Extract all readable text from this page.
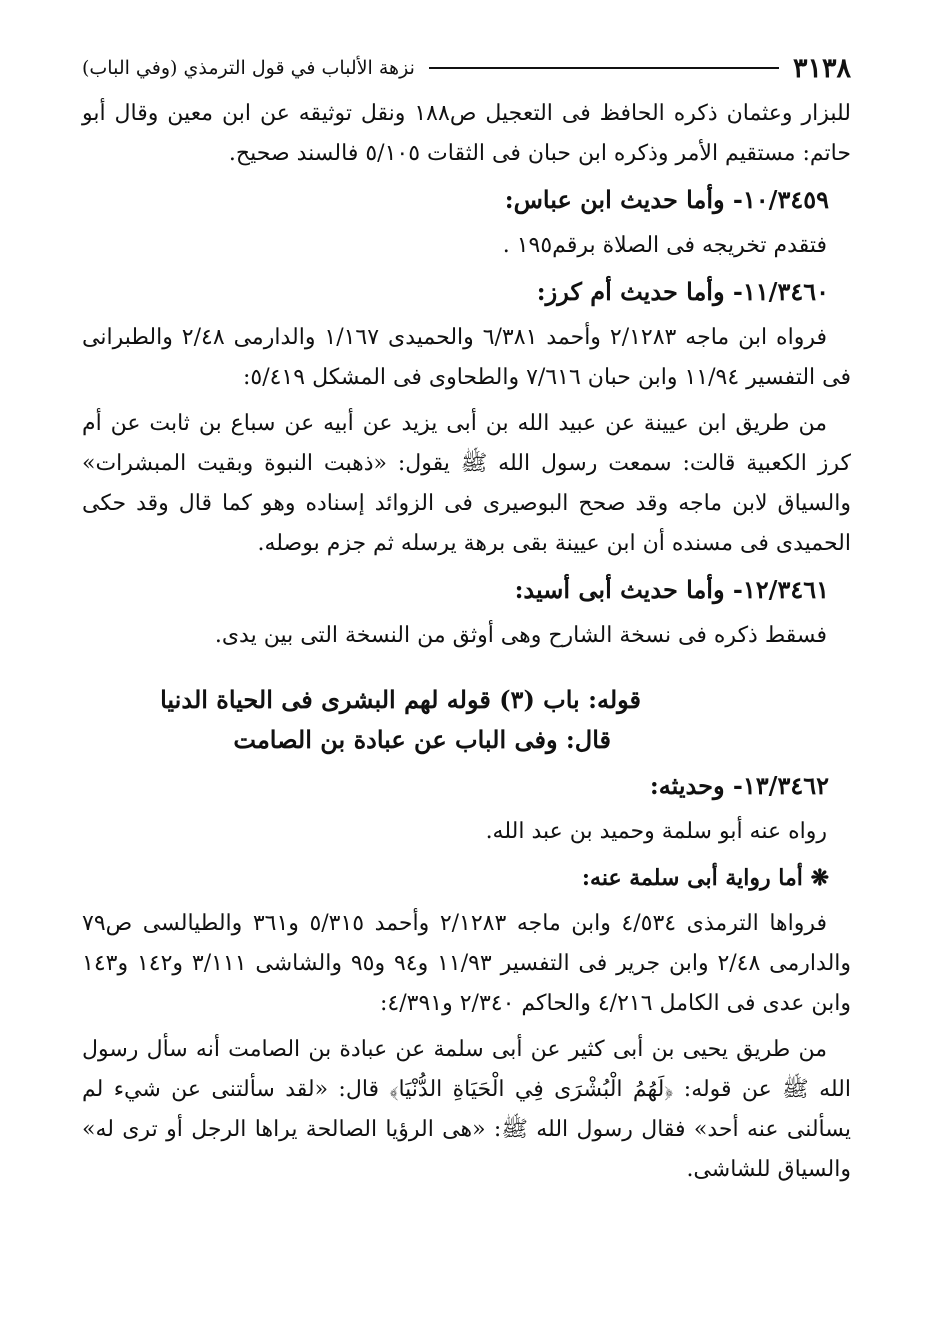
٣١٣٨
نزهة الألباب في قول الترمذي (وفي الباب)
للبزار وعثمان ذكره الحافظ فى التعجيل ص١٨٨ ونقل توثيقه عن ابن معين وقال أبو حاتم: مستقيم الأمر وذكره ابن حبان فى الثقات ٥/١٠٥ فالسند صحيح.
١٠/٣٤٥٩- وأما حديث ابن عباس:
فتقدم تخريجه فى الصلاة برقم١٩٥ .
١١/٣٤٦٠- وأما حديث أم كرز:
فرواه ابن ماجه ٢/١٢٨٣ وأحمد ٦/٣٨١ والحميدى ١/١٦٧ والدارمى ٢/٤٨ والطبرانى فى التفسير ١١/٩٤ وابن حبان ٧/٦١٦ والطحاوى فى المشكل ٥/٤١٩:
من طريق ابن عيينة عن عبيد الله بن أبى يزيد عن أبيه عن سباع بن ثابت عن أم كرز الكعبية قالت: سمعت رسول الله ﷺ يقول: «ذهبت النبوة وبقيت المبشرات» والسياق لابن ماجه وقد صحح البوصيرى فى الزوائد إسناده وهو كما قال وقد حكى الحميدى فى مسنده أن ابن عيينة بقى برهة يرسله ثم جزم بوصله.
١٢/٣٤٦١- وأما حديث أبى أسيد:
فسقط ذكره فى نسخة الشارح وهى أوثق من النسخة التى بين يدى.
قوله: باب (٣) قوله لهم البشرى فى الحياة الدنيا
قال: وفى الباب عن عبادة بن الصامت
١٣/٣٤٦٢- وحديثه:
رواه عنه أبو سلمة وحميد بن عبد الله.
❋ أما رواية أبى سلمة عنه:
فرواها الترمذى ٤/٥٣٤ وابن ماجه ٢/١٢٨٣ وأحمد ٥/٣١٥ و٣٦١ والطيالسى ص٧٩ والدارمى ٢/٤٨ وابن جرير فى التفسير ١١/٩٣ و٩٤ و٩٥ والشاشى ٣/١١١ و١٤٢ و١٤٣ وابن عدى فى الكامل ٤/٢١٦ والحاكم ٢/٣٤٠ و٤/٣٩١:
من طريق يحيى بن أبى كثير عن أبى سلمة عن عبادة بن الصامت أنه سأل رسول الله ﷺ عن قوله: ﴿لَهُمُ الْبُشْرَى فِي الْحَيَاةِ الدُّنْيَا﴾ قال: «لقد سألتنى عن شيء لم يسألنى عنه أحد» فقال رسول الله ﷺ: «هى الرؤيا الصالحة يراها الرجل أو ترى له» والسياق للشاشى.
